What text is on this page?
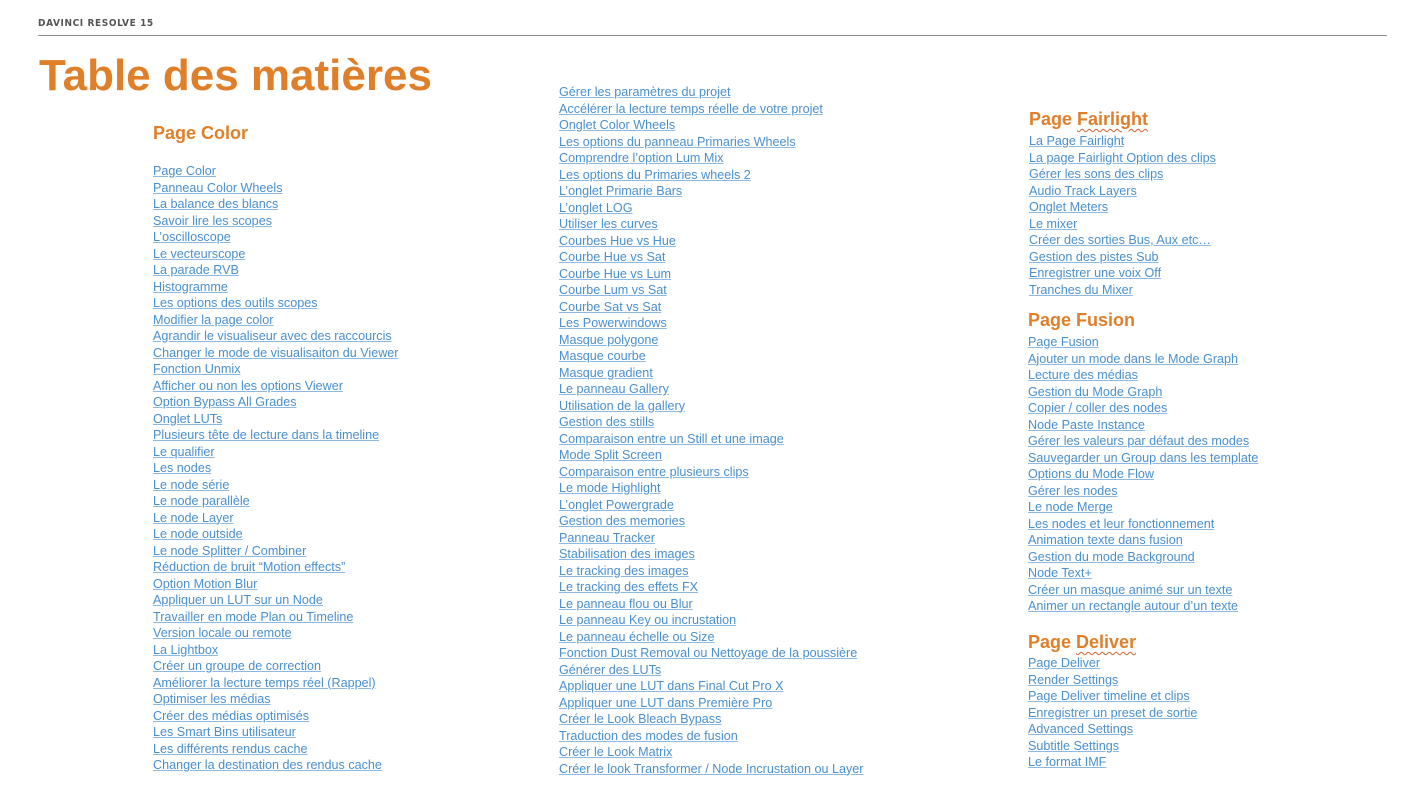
DAVINCI RESOLVE 15
Table des matières
Page Color
Page Color
Panneau Color Wheels
La balance des blancs
Savoir lire les scopes
L’oscilloscope
Le vecteurscope
La parade RVB
Histogramme
Les options des outils scopes
Modifier la page color
Agrandir le visualiseur avec des raccourcis
Changer le mode de visualisaiton du Viewer
Fonction Unmix
Afficher ou non les options Viewer
Option Bypass All Grades
Onglet LUTs
Plusieurs tête de lecture dans la timeline
Le qualifier
Les nodes
Le node série
Le node parallèle
Le node Layer
Le node outside
Le node Splitter / Combiner
Réduction de bruit “Motion effects”
Option Motion Blur
Appliquer un LUT sur un Node
Travailler en mode Plan ou Timeline
Version locale ou remote
La Lightbox
Créer un groupe de correction
Améliorer la lecture temps réel (Rappel)
Optimiser les médias
Créer des médias optimisés
Les Smart Bins utilisateur
Les différents rendus cache
Changer la destination des rendus cache
Gérer les paramètres du projet
Accélérer la lecture temps réelle de votre projet
Onglet Color Wheels
Les options du panneau Primaries Wheels
Comprendre l’option Lum Mix
Les options du Primaries wheels 2
L’onglet Primarie Bars
L’onglet LOG
Utiliser les curves
Courbes Hue vs Hue
Courbe Hue vs Sat
Courbe Hue vs Lum
Courbe Lum vs Sat
Courbe Sat vs Sat
Les Powerwindows
Masque polygone
Masque courbe
Masque gradient
Le panneau Gallery
Utilisation de la gallery
Gestion des stills
Comparaison entre un Still et une image
Mode Split Screen
Comparaison entre plusieurs clips
Le mode Highlight
L’onglet Powergrade
Gestion des memories
Panneau Tracker
Stabilisation des images
Le tracking des images
Le tracking des effets FX
Le panneau flou ou Blur
Le panneau Key ou incrustation
Le panneau échelle ou Size
Fonction Dust Removal ou Nettoyage de la poussière
Générer des LUTs
Appliquer une LUT dans Final Cut Pro X
Appliquer une LUT dans Première Pro
Créer le Look Bleach Bypass
Traduction des modes de fusion
Créer le Look Matrix
Créer le look Transformer / Node Incrustation ou Layer
Page Fairlight
La Page Fairlight
La page Fairlight Option des clips
Gérer les sons des clips
Audio Track Layers
Onglet Meters
Le mixer
Créer des sorties Bus, Aux etc…
Gestion des pistes Sub
Enregistrer une voix Off
Tranches du Mixer
Page Fusion
Page Fusion
Ajouter un mode dans le Mode Graph
Lecture des médias
Gestion du Mode Graph
Copier / coller des nodes
Node Paste Instance
Gérer les valeurs par défaut des modes
Sauvegarder un Group dans les template
Options du Mode Flow
Gérer les nodes
Le node Merge
Les nodes et leur fonctionnement
Animation texte dans fusion
Gestion du mode Background
Node Text+
Créer un masque animé sur un texte
Animer un rectangle autour d’un texte
Page Deliver
Page Deliver
Render Settings
Page Deliver timeline et clips
Enregistrer un preset de sortie
Advanced Settings
Subtitle Settings
Le format IMF
